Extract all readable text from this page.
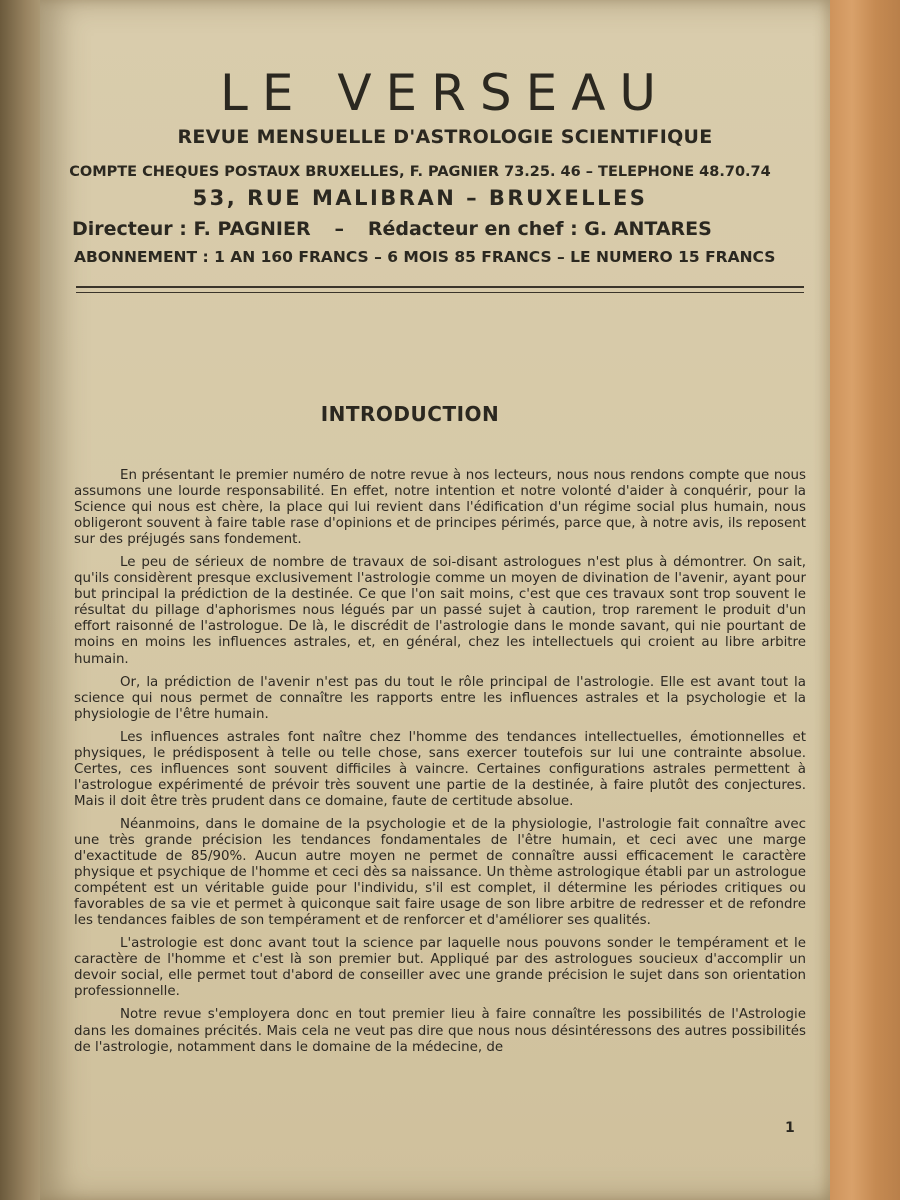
LE VERSEAU
REVUE MENSUELLE D'ASTROLOGIE SCIENTIFIQUE
COMPTE CHEQUES POSTAUX BRUXELLES, F. PAGNIER 73.25. 46 – TELEPHONE 48.70.74
53, RUE MALIBRAN – BRUXELLES
Directeur : F. PAGNIER – Rédacteur en chef : G. ANTARES
ABONNEMENT : 1 AN 160 FRANCS – 6 MOIS 85 FRANCS – LE NUMERO 15 FRANCS
INTRODUCTION

En présentant le premier numéro de notre revue à nos lecteurs, nous nous rendons compte que nous assumons une lourde responsabilité. En effet, notre intention et notre volonté d'aider à conquérir, pour la Science qui nous est chère, la place qui lui revient dans l'édification d'un régime social plus humain, nous obligeront souvent à faire table rase d'opinions et de principes périmés, parce que, à notre avis, ils reposent sur des préjugés sans fondement.

Le peu de sérieux de nombre de travaux de soi-disant astrologues n'est plus à démontrer. On sait, qu'ils considèrent presque exclusivement l'astrologie comme un moyen de divination de l'avenir, ayant pour but principal la prédiction de la destinée. Ce que l'on sait moins, c'est que ces travaux sont trop souvent le résultat du pillage d'aphorismes nous légués par un passé sujet à caution, trop rarement le produit d'un effort raisonné de l'astrologue. De là, le discrédit de l'astrologie dans le monde savant, qui nie pourtant de moins en moins les influences astrales, et, en général, chez les intellectuels qui croient au libre arbitre humain.

Or, la prédiction de l'avenir n'est pas du tout le rôle principal de l'astrologie. Elle est avant tout la science qui nous permet de connaître les rapports entre les influences astrales et la psychologie et la physiologie de l'être humain.

Les influences astrales font naître chez l'homme des tendances intellectuelles, émotionnelles et physiques, le prédisposent à telle ou telle chose, sans exercer toutefois sur lui une contrainte absolue. Certes, ces influences sont souvent difficiles à vaincre. Certaines configurations astrales permettent à l'astrologue expérimenté de prévoir très souvent une partie de la destinée, à faire plutôt des conjectures. Mais il doit être très prudent dans ce domaine, faute de certitude absolue.

Néanmoins, dans le domaine de la psychologie et de la physiologie, l'astrologie fait connaître avec une très grande précision les tendances fondamentales de l'être humain, et ceci avec une marge d'exactitude de 85/90%. Aucun autre moyen ne permet de connaître aussi efficacement le caractère physique et psychique de l'homme et ceci dès sa naissance. Un thème astrologique établi par un astrologue compétent est un véritable guide pour l'individu, s'il est complet, il détermine les périodes critiques ou favorables de sa vie et permet à quiconque sait faire usage de son libre arbitre de redresser et de refondre les tendances faibles de son tempérament et de renforcer et d'améliorer ses qualités.

L'astrologie est donc avant tout la science par laquelle nous pouvons sonder le tempérament et le caractère de l'homme et c'est là son premier but. Appliqué par des astrologues soucieux d'accomplir un devoir social, elle permet tout d'abord de conseiller avec une grande précision le sujet dans son orientation professionnelle.

Notre revue s'employera donc en tout premier lieu à faire connaître les possibilités de l'Astrologie dans les domaines précités. Mais cela ne veut pas dire que nous nous désintéressons des autres possibilités de l'astrologie, notamment dans le domaine de la médecine, de

1
